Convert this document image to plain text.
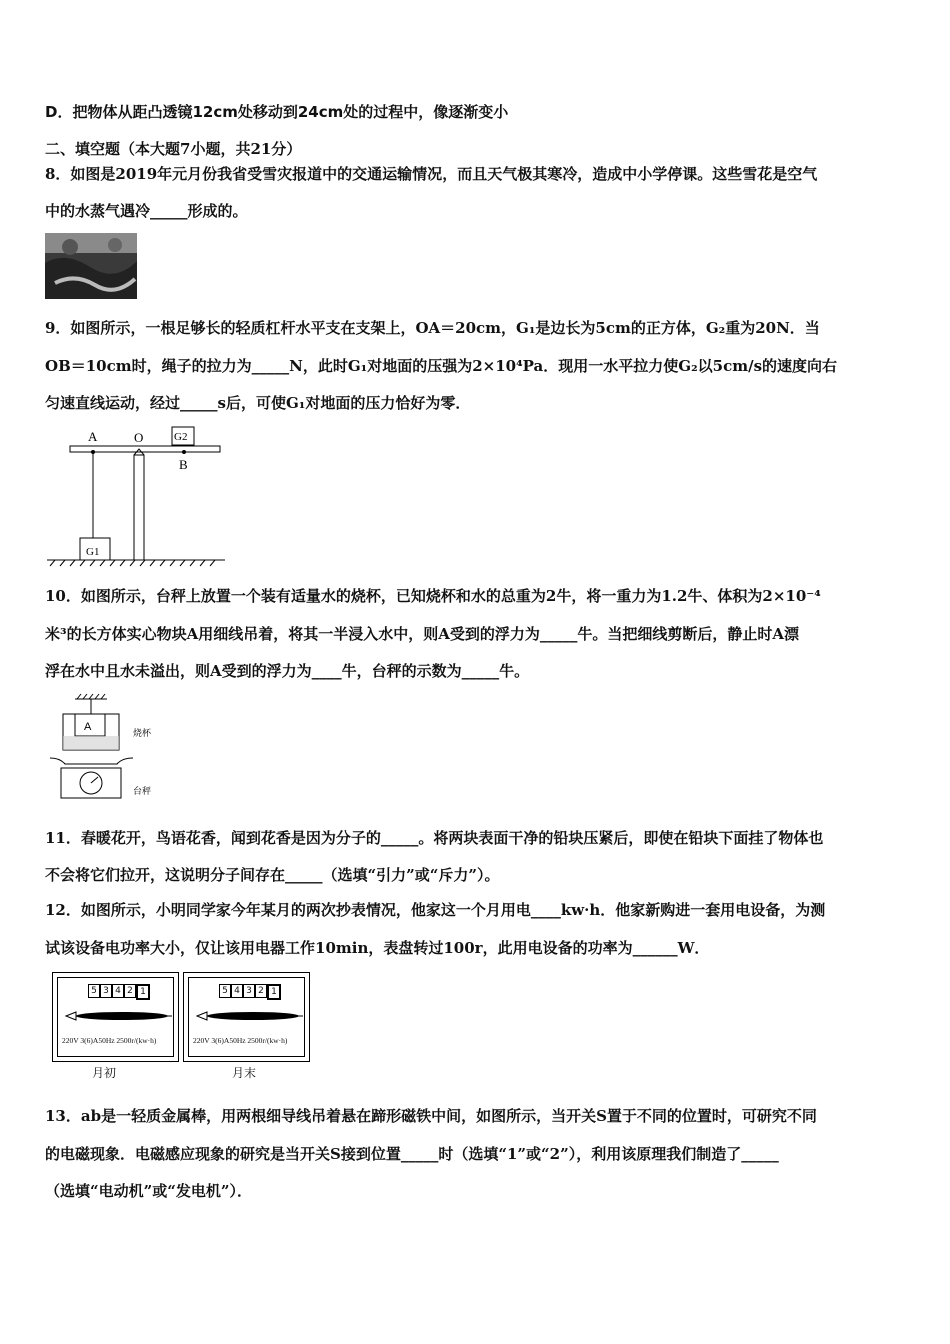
D．把物体从距凸透镜12cm处移动到24cm处的过程中，像逐渐变小
二、填空题（本大题7小题，共21分）
8．如图是2019年元月份我省受雪灾报道中的交通运输情况，而且天气极其寒冷，造成中小学停课。这些雪花是空气
中的水蒸气遇冷_____形成的。
9．如图所示，一根足够长的轻质杠杆水平支在支架上，OA＝20cm，G₁是边长为5cm的正方体，G₂重为20N．当
OB＝10cm时，绳子的拉力为_____N，此时G₁对地面的压强为2×10⁴Pa．现用一水平拉力使G₂以5cm/s的速度向右
匀速直线运动，经过_____s后，可使G₁对地面的压力恰好为零．
A	O	G2
B
G1
10．如图所示，台秤上放置一个装有适量水的烧杯，已知烧杯和水的总重为2牛，将一重力为1.2牛、体积为2×10⁻⁴
米³的长方体实心物块A用细线吊着，将其一半浸入水中，则A受到的浮力为_____牛。当把细线剪断后，静止时A漂
浮在水中且水未溢出，则A受到的浮力为____牛，台秤的示数为_____牛。
A	烧杯
台秤
11．春暖花开，鸟语花香，闻到花香是因为分子的_____。将两块表面干净的铅块压紧后，即使在铅块下面挂了物体也
不会将它们拉开，这说明分子间存在_____（选填“引力”或“斥力”）。
12．如图所示，小明同学家今年某月的两次抄表情况，他家这一个月用电____kw·h．他家新购进一套用电设备，为测
试该设备电功率大小，仅让该用电器工作10min，表盘转过100r，此用电设备的功率为______W．
5 3 4 2 1
220V 3(6)A50Hz 2500r/(kw·h)
月初
5 4 3 2 1
220V 3(6)A50Hz 2500r/(kw·h)
月末
13．ab是一轻质金属棒，用两根细导线吊着悬在蹄形磁铁中间，如图所示，当开关S置于不同的位置时，可研究不同
的电磁现象．电磁感应现象的研究是当开关S接到位置_____时（选填“1”或“2”），利用该原理我们制造了_____
（选填“电动机”或“发电机”）．
